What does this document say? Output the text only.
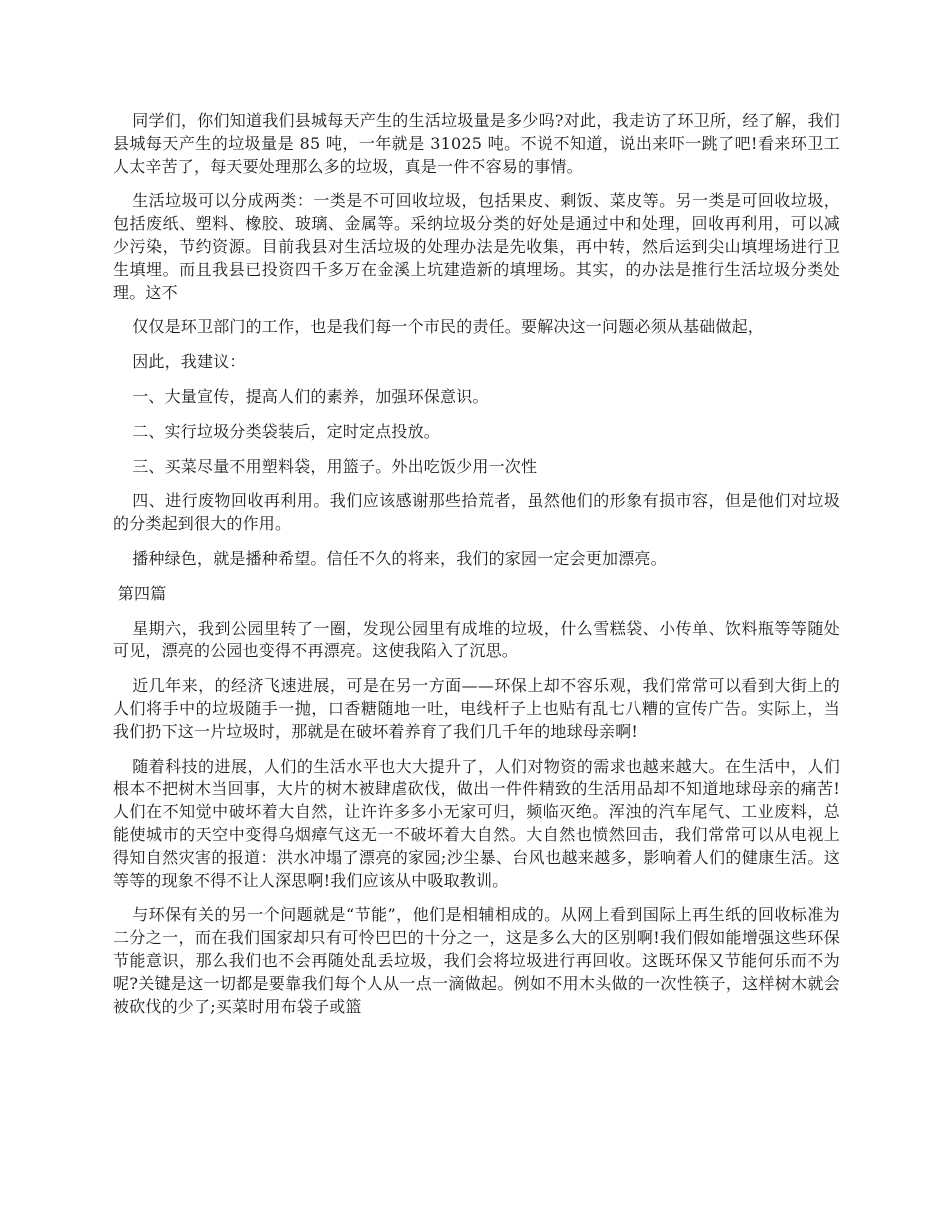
同学们，你们知道我们县城每天产生的生活垃圾量是多少吗?对此，我走访了环卫所，经了解，我们县城每天产生的垃圾量是 85 吨，一年就是 31025 吨。不说不知道，说出来吓一跳了吧!看来环卫工人太辛苦了，每天要处理那么多的垃圾，真是一件不容易的事情。

生活垃圾可以分成两类：一类是不可回收垃圾，包括果皮、剩饭、菜皮等。另一类是可回收垃圾，包括废纸、塑料、橡胶、玻璃、金属等。采纳垃圾分类的好处是通过中和处理，回收再利用，可以减少污染，节约资源。目前我县对生活垃圾的处理办法是先收集，再中转，然后运到尖山填埋场进行卫生填埋。而且我县已投资四千多万在金溪上坑建造新的填埋场。其实，的办法是推行生活垃圾分类处理。这不

仅仅是环卫部门的工作，也是我们每一个市民的责任。要解决这一问题必须从基础做起，

因此，我建议：

一、大量宣传，提高人们的素养，加强环保意识。

二、实行垃圾分类袋装后，定时定点投放。

三、买菜尽量不用塑料袋，用篮子。外出吃饭少用一次性

四、进行废物回收再利用。我们应该感谢那些拾荒者，虽然他们的形象有损市容，但是他们对垃圾的分类起到很大的作用。

播种绿色，就是播种希望。信任不久的将来，我们的家园一定会更加漂亮。

第四篇

星期六，我到公园里转了一圈，发现公园里有成堆的垃圾，什么雪糕袋、小传单、饮料瓶等等随处可见，漂亮的公园也变得不再漂亮。这使我陷入了沉思。

近几年来，的经济飞速进展，可是在另一方面——环保上却不容乐观，我们常常可以看到大街上的人们将手中的垃圾随手一抛，口香糖随地一吐，电线杆子上也贴有乱七八糟的宣传广告。实际上，当我们扔下这一片垃圾时，那就是在破坏着养育了我们几千年的地球母亲啊!

随着科技的进展，人们的生活水平也大大提升了，人们对物资的需求也越来越大。在生活中，人们根本不把树木当回事，大片的树木被肆虐砍伐，做出一件件精致的生活用品却不知道地球母亲的痛苦!人们在不知觉中破坏着大自然，让许许多多小无家可归，频临灭绝。浑浊的汽车尾气、工业废料，总能使城市的天空中变得乌烟瘴气这无一不破坏着大自然。大自然也愤然回击，我们常常可以从电视上得知自然灾害的报道：洪水冲塌了漂亮的家园;沙尘暴、台风也越来越多，影响着人们的健康生活。这等等的现象不得不让人深思啊!我们应该从中吸取教训。

与环保有关的另一个问题就是“节能”，他们是相辅相成的。从网上看到国际上再生纸的回收标准为二分之一，而在我们国家却只有可怜巴巴的十分之一，这是多么大的区别啊!我们假如能增强这些环保节能意识，那么我们也不会再随处乱丢垃圾，我们会将垃圾进行再回收。这既环保又节能何乐而不为呢?关键是这一切都是要靠我们每个人从一点一滴做起。例如不用木头做的一次性筷子，这样树木就会被砍伐的少了;买菜时用布袋子或篮
